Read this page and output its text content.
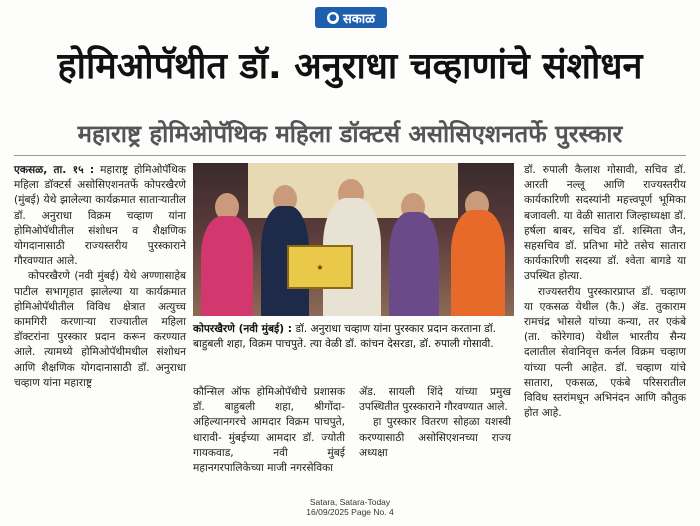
● सकाळ
होमिओपॅथीत डॉ. अनुराधा चव्हाणांचे संशोधन
महाराष्ट्र होमिओपॅथिक महिला डॉक्टर्स असोसिएशनतर्फे पुरस्कार

एकसळ, ता. १५ : महाराष्ट्र होमिओपॅथिक महिला डॉक्टर्स असोसिएशनतर्फे कोपरखैरणे (मुंबई) येथे झालेल्या कार्यक्रमात साताऱ्यातील डॉ. अनुराधा विक्रम चव्हाण यांना होमिओपॅथीतील संशोधन व शैक्षणिक योगदानासाठी राज्यस्तरीय पुरस्काराने गौरवण्यात आले.

कोपरखैरणे (नवी मुंबई) येथे अण्णासाहेब पाटील सभागृहात झालेल्या या कार्यक्रमात होमिओपॅथीतील विविध क्षेत्रात अत्युच्च कामगिरी करणाऱ्या राज्यातील महिला डॉक्टरांना पुरस्कार प्रदान करून करण्यात आले. त्यामध्ये होमिओपॅथीमधील संशोधन आणि शैक्षणिक योगदानासाठी डॉ. अनुराधा चव्हाण यांना महाराष्ट्र

★
कोपरखैरणे (नवी मुंबई) : डॉ. अनुराधा चव्हाण यांना पुरस्कार प्रदान करताना डॉ. बाहुबली शहा, विक्रम पाचपुते. त्या वेळी डॉ. कांचन देसरडा, डॉ. रुपाली गोसावी.

कौन्सिल ऑफ होमिओपॅथीचे प्रशासक डॉ. बाहुबली शहा, श्रीगोंदा-अहिल्यानगरचे आमदार विक्रम पाचपुते, धारावी- मुंबईच्या आमदार डॉ. ज्योती गायकवाड, नवी मुंबई महानगरपालिकेच्या माजी नगरसेविका

ॲड. सायली शिंदे यांच्या प्रमुख उपस्थितीत पुरस्काराने गौरवण्यात आले.

हा पुरस्कार वितरण सोहळा यशस्वी करण्यासाठी असोसिएशनच्या राज्य अध्यक्षा

डॉ. रुपाली कैलाश गोसावी, सचिव डॉ. आरती नल्लू आणि राज्यस्तरीय कार्यकारिणी सदस्यांनी महत्त्वपूर्ण भूमिका बजावली. या वेळी सातारा जिल्हाध्यक्षा डॉ. हर्षला बाबर, सचिव डॉ. शस्मिता जैन, सहसचिव डॉ. प्रतिभा मोटे तसेच सातारा कार्यकारिणी सदस्या डॉ. श्वेता बागडे या उपस्थित होत्या.

राज्यस्तरीय पुरस्कारप्राप्त डॉ. चव्हाण या एकसळ येथील (कै.) ॲड. तुकाराम रामचंद्र भोसले यांच्या कन्या, तर एकंबे (ता. कोरेगाव) येथील भारतीय सैन्य दलातील सेवानिवृत्त कर्नल विक्रम चव्हाण यांच्या पत्नी आहेत. डॉ. चव्हाण यांचे सातारा, एकसळ, एकंबे परिसरातील विविध स्तरांमधून अभिनंदन आणि कौतुक होत आहे.

Satara, Satara-Today
16/09/2025 Page No. 4
